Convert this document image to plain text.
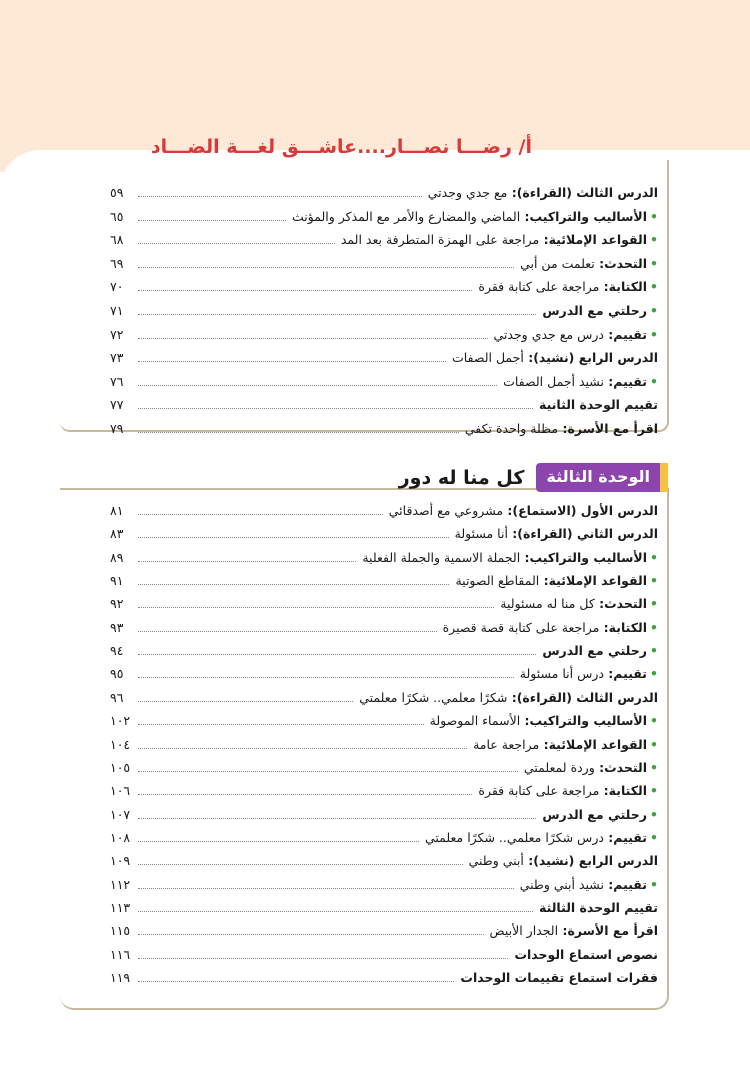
أ/ رضـــا نصـــار....عاشـــق لغـــة الضـــاد
الوحدة الثالثة
كل منا له دور
الدرس الثالث (القراءة): مع جدي وجدتي
٥٩
•الأساليب والتراكيب: الماضي والمضارع والأمر مع المذكر والمؤنث
٦٥
•القواعد الإملائية: مراجعة على الهمزة المتطرفة بعد المد
٦٨
•التحدث: تعلمت من أبي
٦٩
•الكتابة: مراجعة على كتابة فقرة
٧٠
•رحلتي مع الدرس
٧١
•تقييم: درس مع جدي وجدتي
٧٢
الدرس الرابع (نشيد): أجمل الصفات
٧٣
•تقييم: نشيد أجمل الصفات
٧٦
تقييم الوحدة الثانية
٧٧
اقرأ مع الأسرة: مظلة واحدة تكفي
٧٩
الدرس الأول (الاستماع): مشروعي مع أصدقائي
٨١
الدرس الثاني (القراءة): أنا مسئولة
٨٣
•الأساليب والتراكيب: الجملة الاسمية والجملة الفعلية
٨٩
•القواعد الإملائية: المقاطع الصوتية
٩١
•التحدث: كل منا له مسئولية
٩٢
•الكتابة: مراجعة على كتابة قصة قصيرة
٩٣
•رحلتي مع الدرس
٩٤
•تقييم: درس أنا مسئولة
٩٥
الدرس الثالث (القراءة): شكرًا معلمي.. شكرًا معلمتي
٩٦
•الأساليب والتراكيب: الأسماء الموصولة
١٠٢
•القواعد الإملائية: مراجعة عامة
١٠٤
•التحدث: وردة لمعلمتي
١٠٥
•الكتابة: مراجعة على كتابة فقرة
١٠٦
•رحلتي مع الدرس
١٠٧
•تقييم: درس شكرًا معلمي.. شكرًا معلمتي
١٠٨
الدرس الرابع (نشيد): أبني وطني
١٠٩
•تقييم: نشيد أبني وطني
١١٢
تقييم الوحدة الثالثة
١١٣
اقرأ مع الأسرة: الجدار الأبيض
١١٥
نصوص استماع الوحدات
١١٦
فقرات استماع تقييمات الوحدات
١١٩
